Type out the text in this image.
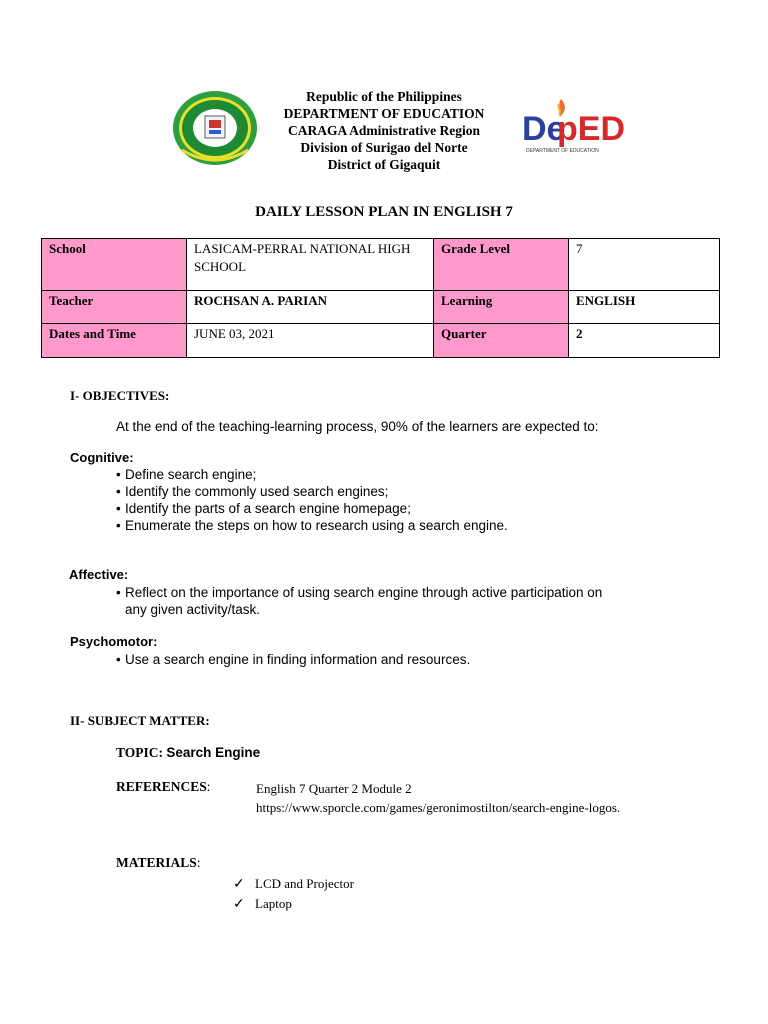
De
pED
DEPARTMENT OF EDUCATION
Republic of the Philippines
DEPARTMENT OF EDUCATION
CARAGA Administrative Region
Division of Surigao del Norte
District of Gigaquit
DAILY LESSON PLAN IN ENGLISH 7
School	LASICAM-PERRAL NATIONAL HIGH SCHOOL	Grade Level	7
Teacher	ROCHSAN A. PARIAN	Learning	ENGLISH
Dates and Time	JUNE 03, 2021	Quarter	2
I- OBJECTIVES:
At the end of the teaching-learning process, 90% of the learners are expected to:
Cognitive:
• Define search engine;
• Identify the commonly used search engines;
• Identify the parts of a search engine homepage;
• Enumerate the steps on how to research using a search engine.
Affective:
• Reflect on the importance of using search engine through active participation on
any given activity/task.
Psychomotor:
• Use a search engine in finding information and resources.
II- SUBJECT MATTER:
TOPIC: Search Engine
REFERENCES:	English 7 Quarter 2 Module 2
https://www.sporcle.com/games/geronimostilton/search-engine-logos.
MATERIALS:
✓ LCD and Projector
✓ Laptop
